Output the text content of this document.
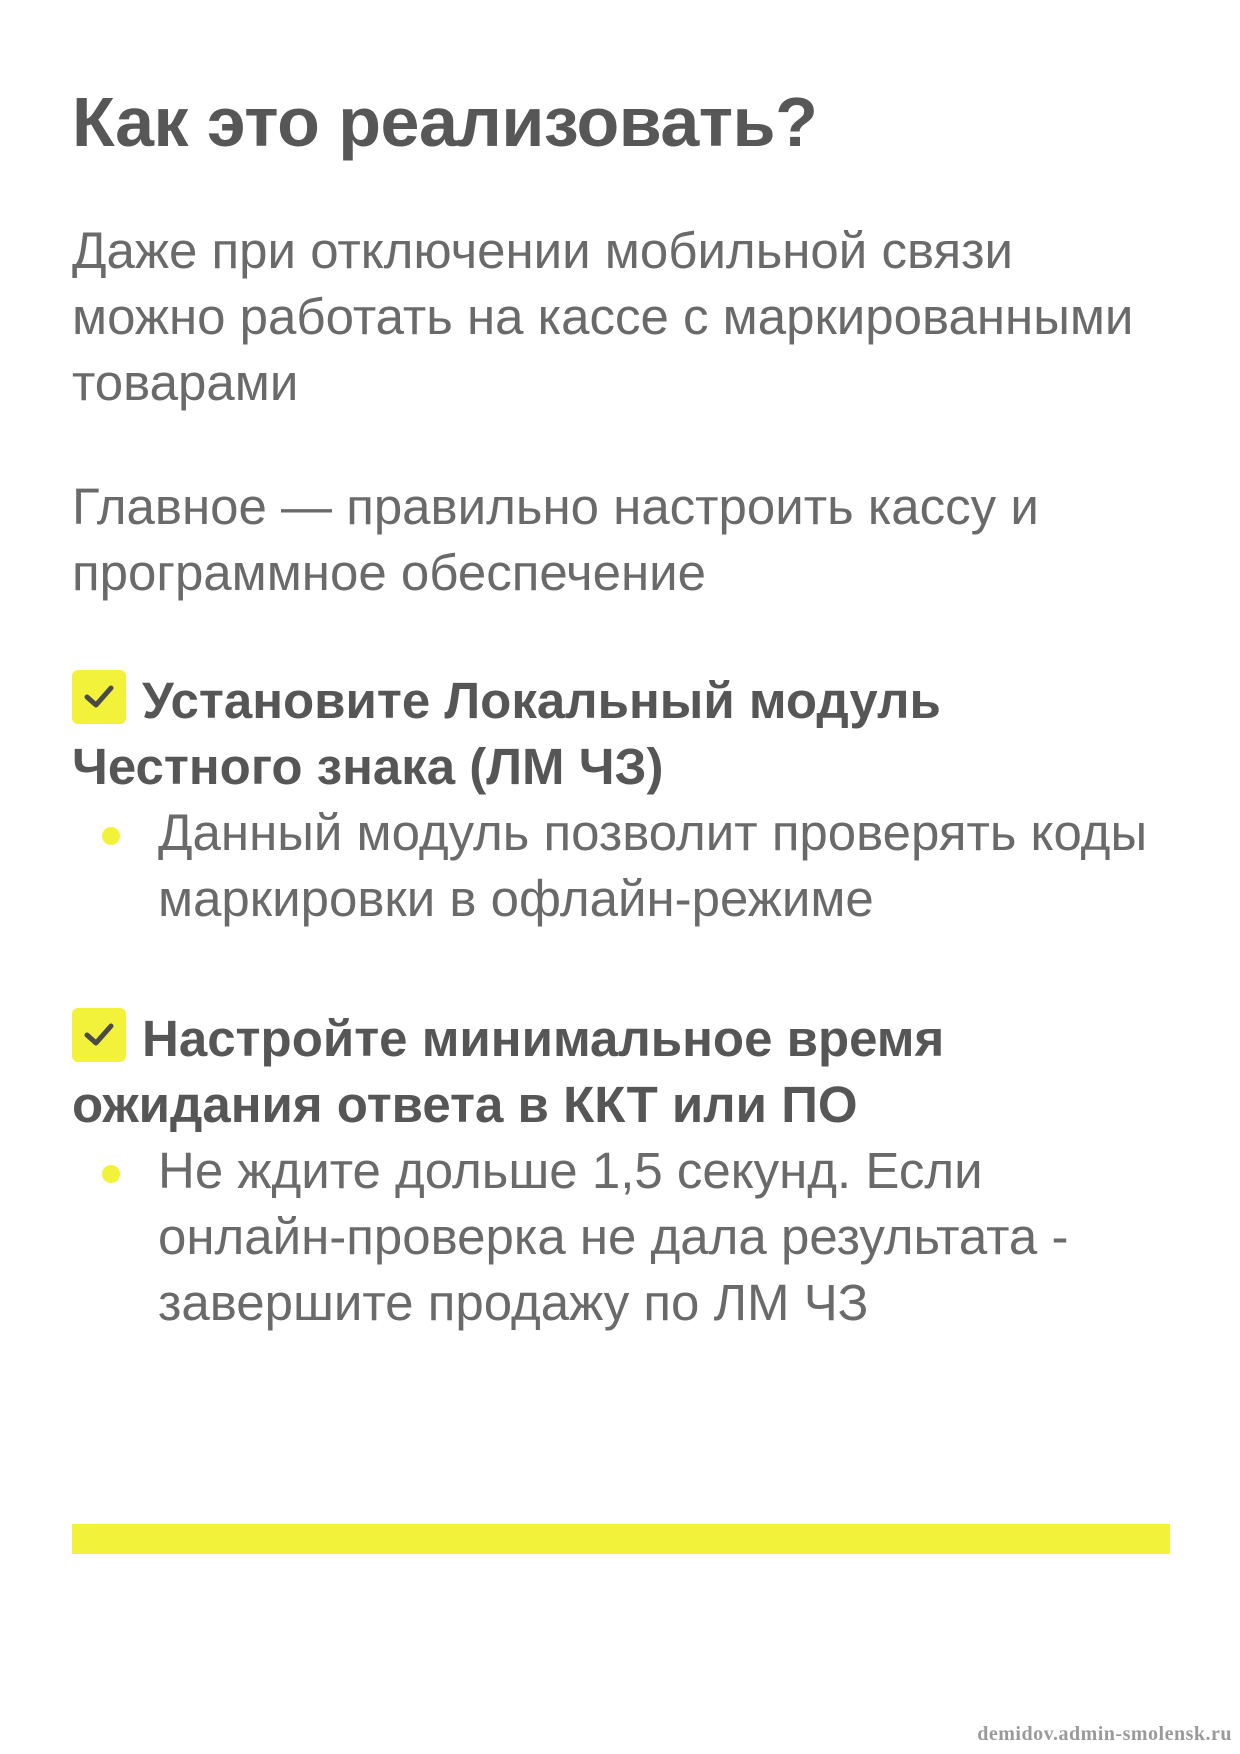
Как это реализовать?

Даже при отключении мобильной связи можно работать на кассе с маркированными товарами

Главное — правильно настроить кассу и программное обеспечение

Установите Локальный модуль Честного знака (ЛМ ЧЗ)

Данный модуль позволит проверять коды маркировки в офлайн-режиме

Настройте минимальное время ожидания ответа в ККТ или ПО

Не ждите дольше 1,5 секунд. Если онлайн-проверка не дала результата - завершите продажу по ЛМ ЧЗ

demidov.admin-smolensk.ru
